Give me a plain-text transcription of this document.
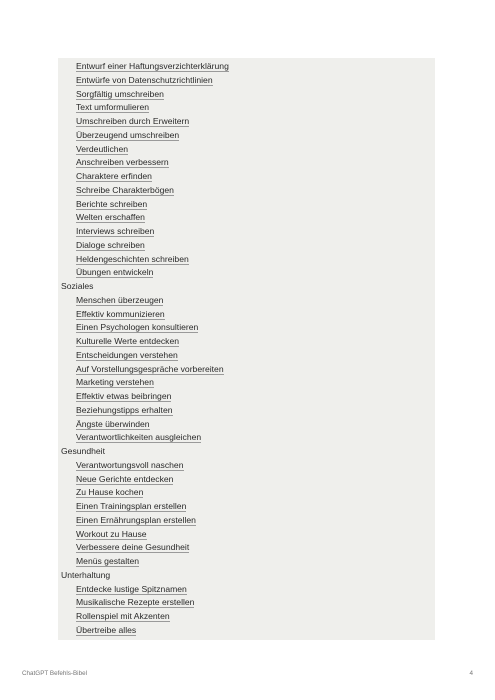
Entwurf einer Haftungsverzichterklärung
Entwürfe von Datenschutzrichtlinien
Sorgfältig umschreiben
Text umformulieren
Umschreiben durch Erweitern
Überzeugend umschreiben
Verdeutlichen
Anschreiben verbessern
Charaktere erfinden
Schreibe Charakterbögen
Berichte schreiben
Welten erschaffen
Interviews schreiben
Dialoge schreiben
Heldengeschichten schreiben
Übungen entwickeln
Soziales
Menschen überzeugen
Effektiv kommunizieren
Einen Psychologen konsultieren
Kulturelle Werte entdecken
Entscheidungen verstehen
Auf Vorstellungsgespräche vorbereiten
Marketing verstehen
Effektiv etwas beibringen
Beziehungstipps erhalten
Ängste überwinden
Verantwortlichkeiten ausgleichen
Gesundheit
Verantwortungsvoll naschen
Neue Gerichte entdecken
Zu Hause kochen
Einen Trainingsplan erstellen
Einen Ernährungsplan erstellen
Workout zu Hause
Verbessere deine Gesundheit
Menüs gestalten
Unterhaltung
Entdecke lustige Spitznamen
Musikalische Rezepte erstellen
Rollenspiel mit Akzenten
Übertreibe alles
ChatGPT Befehls-Bibel	4
